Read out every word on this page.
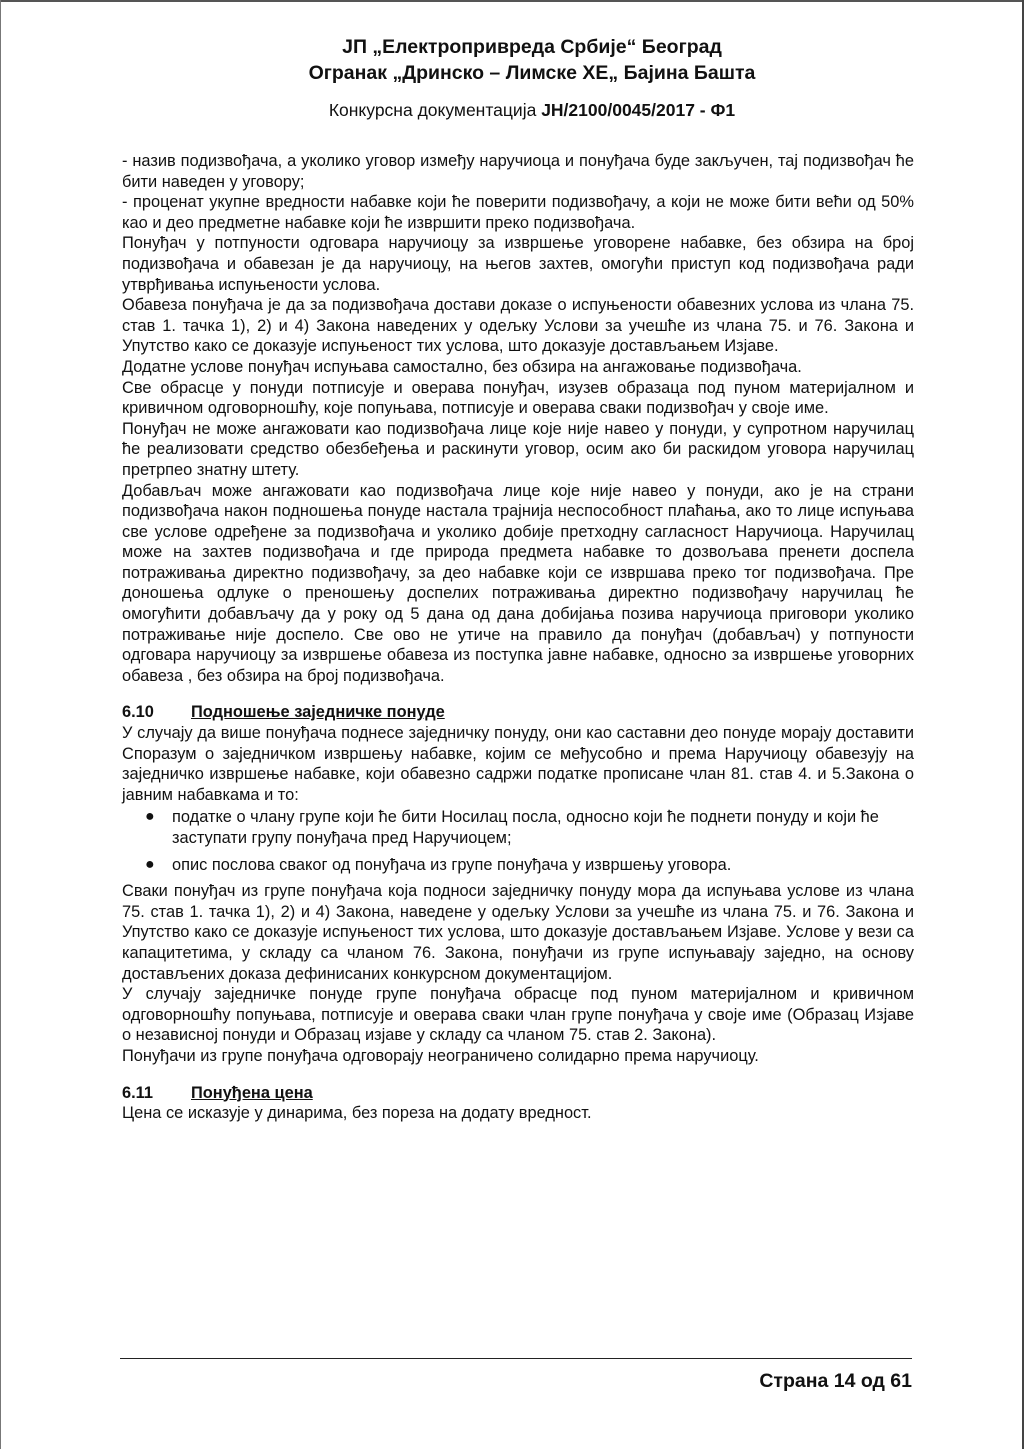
ЈП „Електропривреда Србије“ Београд
Огранак „Дринско – Лимске ХЕ„ Бајина Башта
Конкурсна документација ЈН/2100/0045/2017 - Ф1

- назив подизвођача, а уколико уговор између наручиоца и понуђача буде закључен, тај подизвођач ће бити наведен у уговору;

- проценат укупне вредности набавке који ће поверити подизвођачу, а који не може бити већи од 50% као и део предметне набавке који ће извршити преко подизвођача.

Понуђач у потпуности одговара наручиоцу за извршење уговорене набавке, без обзира на број подизвођача и обавезан је да наручиоцу, на његов захтев, омогући приступ код подизвођача ради утврђивања испуњености услова.

Обавеза понуђача је да за подизвођача достави доказе о испуњености обавезних услова из члана 75. став 1. тачка 1), 2) и 4) Закона наведених у одељку Услови за учешће из члана 75. и 76. Закона и Упутство како се доказује испуњеност тих услова, што доказује достављањем Изјаве.

Додатне услове понуђач испуњава самостално, без обзира на ангажовање подизвођача.

Све обрасце у понуди потписује и оверава понуђач, изузев образаца под пуном материјалном и кривичном одговорношћу, које попуњава, потписује и оверава сваки подизвођач у своје име.

Понуђач не може ангажовати као подизвођача лице које није навео у понуди, у супротном наручилац ће реализовати средство обезбеђења и раскинути уговор, осим ако би раскидом уговора наручилац претрпео знатну штету.

Добављач може ангажовати као подизвођача лице које није навео у понуди, ако је на страни подизвођача након подношења понуде настала трајнија неспособност плаћања, ако то лице испуњава све услове одређене за подизвођача и уколико добије претходну сагласност Наручиоца. Наручилац може на захтев подизвођача и где природа предмета набавке то дозвољава пренети доспела потраживања директно подизвођачу, за део набавке који се извршава преко тог подизвођача. Пре доношења одлуке о преношењу доспелих потраживања директно подизвођачу наручилац ће омогућити добављачу да у року од 5 дана од дана добијања позива наручиоца приговори уколико потраживање није доспело. Све ово не утиче на правило да понуђач (добављач) у потпуности одговара наручиоцу за извршење обавеза из поступка јавне набавке, односно за извршење уговорних обавеза , без обзира на број подизвођача.

6.10	Подношење заједничке понуде

У случају да више понуђача поднесе заједничку понуду, они као саставни део понуде морају доставити Споразум о заједничком извршењу набавке, којим се међусобно и према Наручиоцу обавезују на заједничко извршење набавке, који обавезно садржи податке прописане члан 81. став 4. и 5.Закона о јавним набавкама и то:

● податке о члану групе који ће бити Носилац посла, односно који ће поднети понуду и који ће заступати групу понуђача пред Наручиоцем;
● опис послова сваког од понуђача из групе понуђача у извршењу уговора.

Сваки понуђач из групе понуђача која подноси заједничку понуду мора да испуњава услове из члана 75. став 1. тачка 1), 2) и 4) Закона, наведене у одељку Услови за учешће из члана 75. и 76. Закона и Упутство како се доказује испуњеност тих услова, што доказује достављањем Изјаве. Услове у вези са капацитетима, у складу са чланом 76. Закона, понуђачи из групе испуњавају заједно, на основу достављених доказа дефинисаних конкурсном документацијом.

У случају заједничке понуде групе понуђача обрасце под пуном материјалном и кривичном одговорношћу попуњава, потписује и оверава сваки члан групе понуђача у своје име (Образац Изјаве о независној понуди и Образац изјаве у складу са чланом 75. став 2. Закона).

Понуђачи из групе понуђача одговорају неограничено солидарно према наручиоцу.

6.11	Понуђена цена

Цена се исказује у динарима, без пореза на додату вредност.

Страна 14 од 61
